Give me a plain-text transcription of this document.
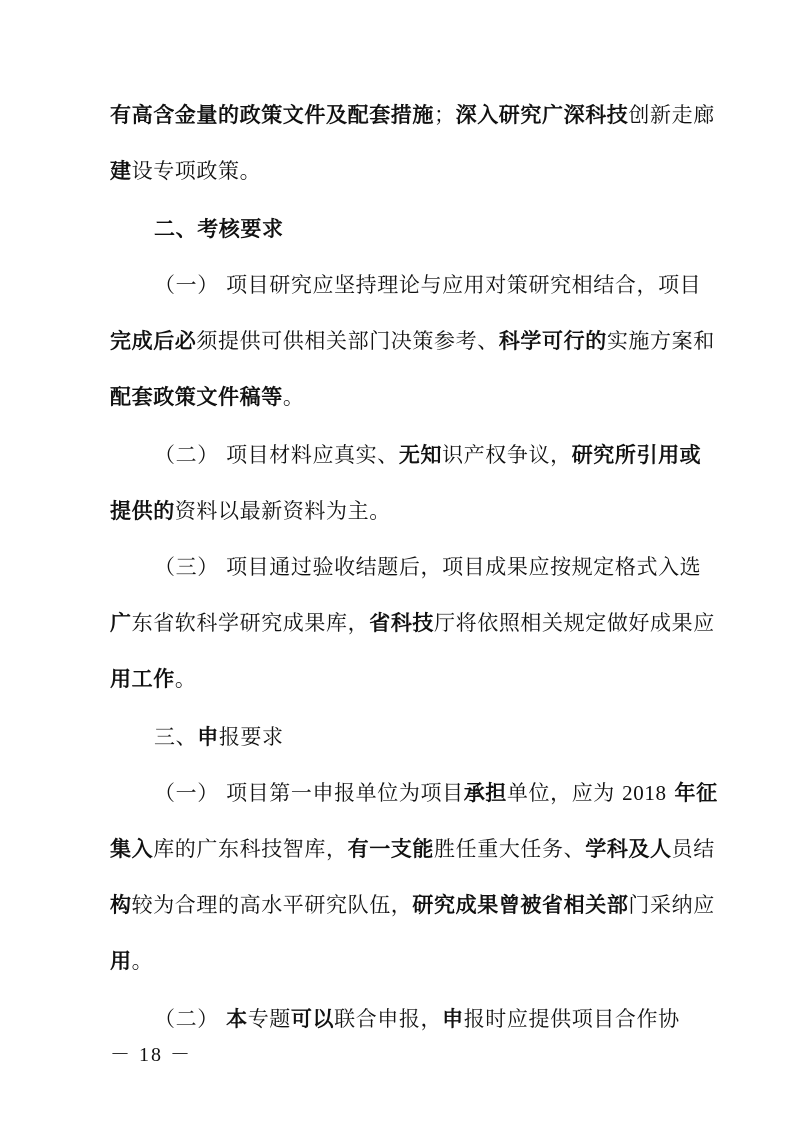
有高含金量的政策文件及配套措施；深入研究广深科技创新走廊
建设专项政策。
二、考核要求
（一） 项目研究应坚持理论与应用对策研究相结合，项目
完成后必须提供可供相关部门决策参考、科学可行的实施方案和
配套政策文件稿等。
（二） 项目材料应真实、无知识产权争议，研究所引用或
提供的资料以最新资料为主。
（三） 项目通过验收结题后，项目成果应按规定格式入选
广东省软科学研究成果库，省科技厅将依照相关规定做好成果应
用工作。
三、申报要求
（一） 项目第一申报单位为项目承担单位，应为 2018 年征
集入库的广东科技智库，有一支能胜任重大任务、学科及人员结
构较为合理的高水平研究队伍，研究成果曾被省相关部门采纳应
用。
（二） 本专题可以联合申报，申报时应提供项目合作协
－ 18 －
